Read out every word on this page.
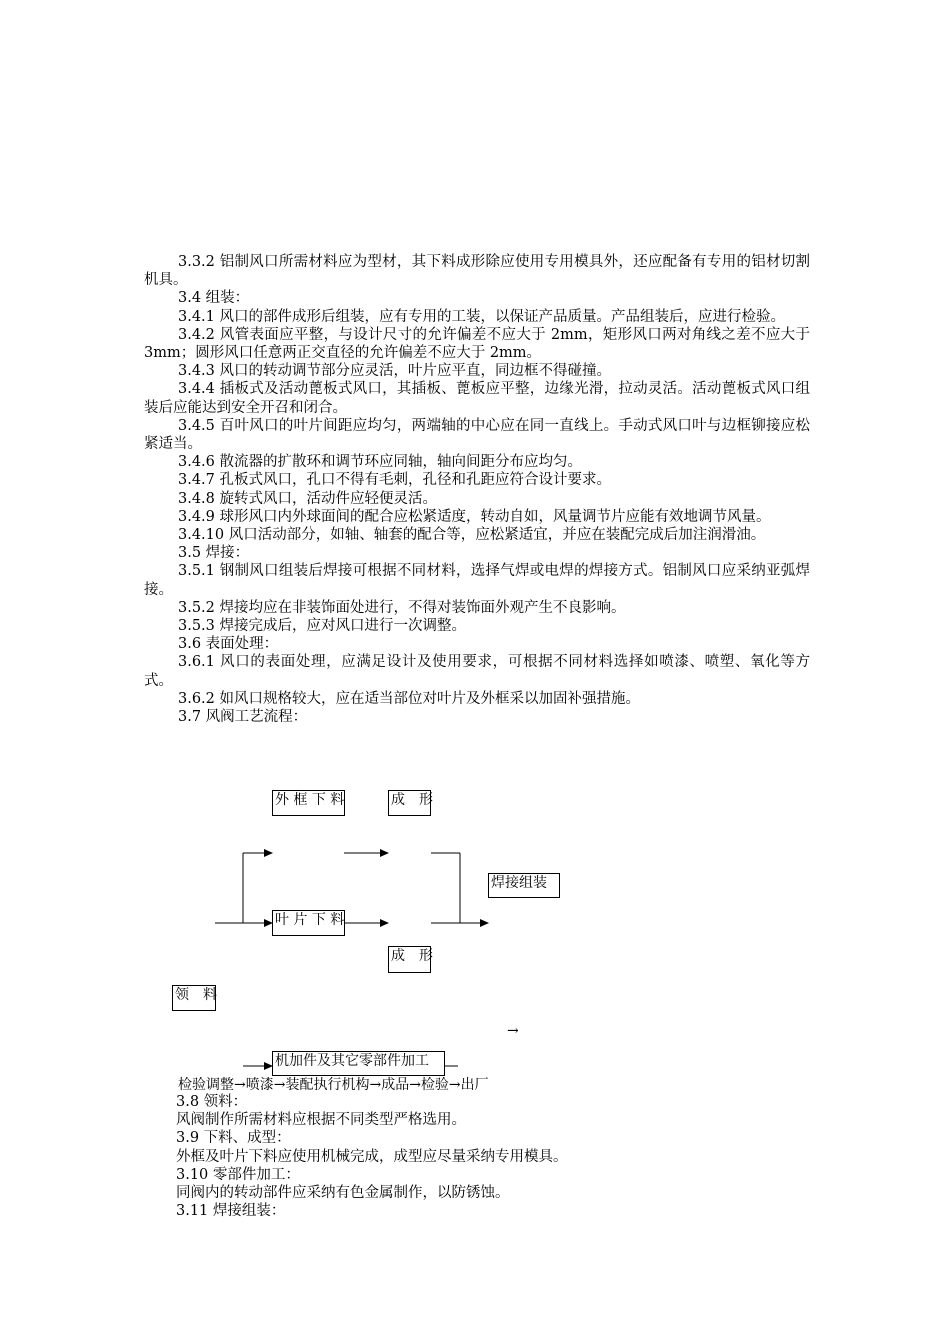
3.3.2 铝制风口所需材料应为型材，其下料成形除应使用专用模具外，还应配备有专用的铝材切割机具。

3.4 组装：

3.4.1 风口的部件成形后组装，应有专用的工装，以保证产品质量。产品组装后，应进行检验。

3.4.2 风管表面应平整，与设计尺寸的允许偏差不应大于 2mm，矩形风口两对角线之差不应大于 3mm；圆形风口任意两正交直径的允许偏差不应大于 2mm。

3.4.3 风口的转动调节部分应灵活，叶片应平直，同边框不得碰撞。

3.4.4 插板式及活动蓖板式风口，其插板、蓖板应平整，边缘光滑，拉动灵活。活动蓖板式风口组装后应能达到安全开召和闭合。

3.4.5 百叶风口的叶片间距应均匀，两端轴的中心应在同一直线上。手动式风口叶与边框铆接应松紧适当。

3.4.6 散流器的扩散环和调节环应同轴，轴向间距分布应均匀。

3.4.7 孔板式风口，孔口不得有毛刺，孔径和孔距应符合设计要求。

3.4.8 旋转式风口，活动件应轻便灵活。

3.4.9 球形风口内外球面间的配合应松紧适度，转动自如，风量调节片应能有效地调节风量。

3.4.10 风口活动部分，如轴、轴套的配合等，应松紧适宜，并应在装配完成后加注润滑油。

3.5 焊接：

3.5.1 钢制风口组装后焊接可根据不同材料，选择气焊或电焊的焊接方式。铝制风口应采纳亚弧焊接。

3.5.2 焊接均应在非装饰面处进行，不得对装饰面外观产生不良影响。

3.5.3 焊接完成后，应对风口进行一次调整。

3.6 表面处理：

3.6.1 风口的表面处理，应满足设计及使用要求，可根据不同材料选择如喷漆、喷塑、氧化等方式。

3.6.2 如风口规格较大，应在适当部位对叶片及外框采以加固补强措施。

3.7 风阀工艺流程：

外 框 下 料	成　形
焊接组装
叶 片 下 料
成　形
领　料
→
机加件及其它零部件加工
检验调整→喷漆→装配执行机构→成品→检验→出厂

3.8 领料：

风阀制作所需材料应根据不同类型严格选用。

3.9 下料、成型：

外框及叶片下料应使用机械完成，成型应尽量采纳专用模具。

3.10 零部件加工：

同阀内的转动部件应采纳有色金属制作，以防锈蚀。

3.11 焊接组装：
